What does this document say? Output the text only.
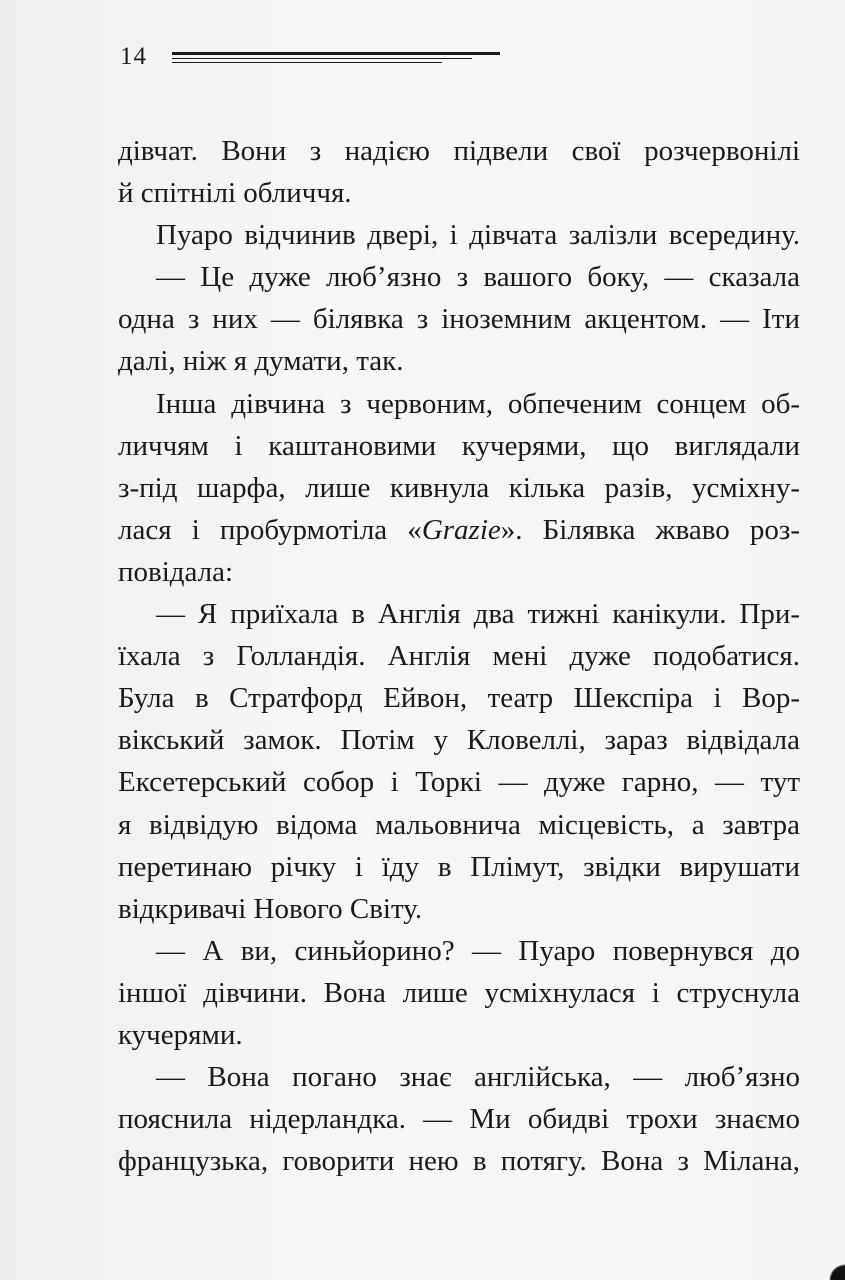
14
дівчат. Вони з надією підвели свої розчервонілі
й спітнілі обличчя.
Пуаро відчинив двері, і дівчата залізли всередину.
— Це дуже люб’язно з вашого боку, — сказала
одна з них — білявка з іноземним акцентом. — Іти
далі, ніж я думати, так.
Інша дівчина з червоним, обпеченим сонцем об-
личчям і каштановими кучерями, що виглядали
з-під шарфа, лише кивнула кілька разів, усміхну-
лася і пробурмотіла «Grazie». Білявка жваво роз-
повідала:
— Я приїхала в Англія два тижні канікули. При-
їхала з Голландія. Англія мені дуже подобатися.
Була в Стратфорд Ейвон, театр Шекспіра і Вор-
вікський замок. Потім у Кловеллі, зараз відвідала
Ексетерський собор і Торкі — дуже гарно, — тут
я відвідую відома мальовнича місцевість, а завтра
перетинаю річку і їду в Плімут, звідки вирушати
відкривачі Нового Світу.
— А ви, синьйорино? — Пуаро повернувся до
іншої дівчини. Вона лише усміхнулася і струснула
кучерями.
— Вона погано знає англійська, — люб’язно
пояснила нідерландка. — Ми обидві трохи знаємо
французька, говорити нею в потягу. Вона з Мілана,
